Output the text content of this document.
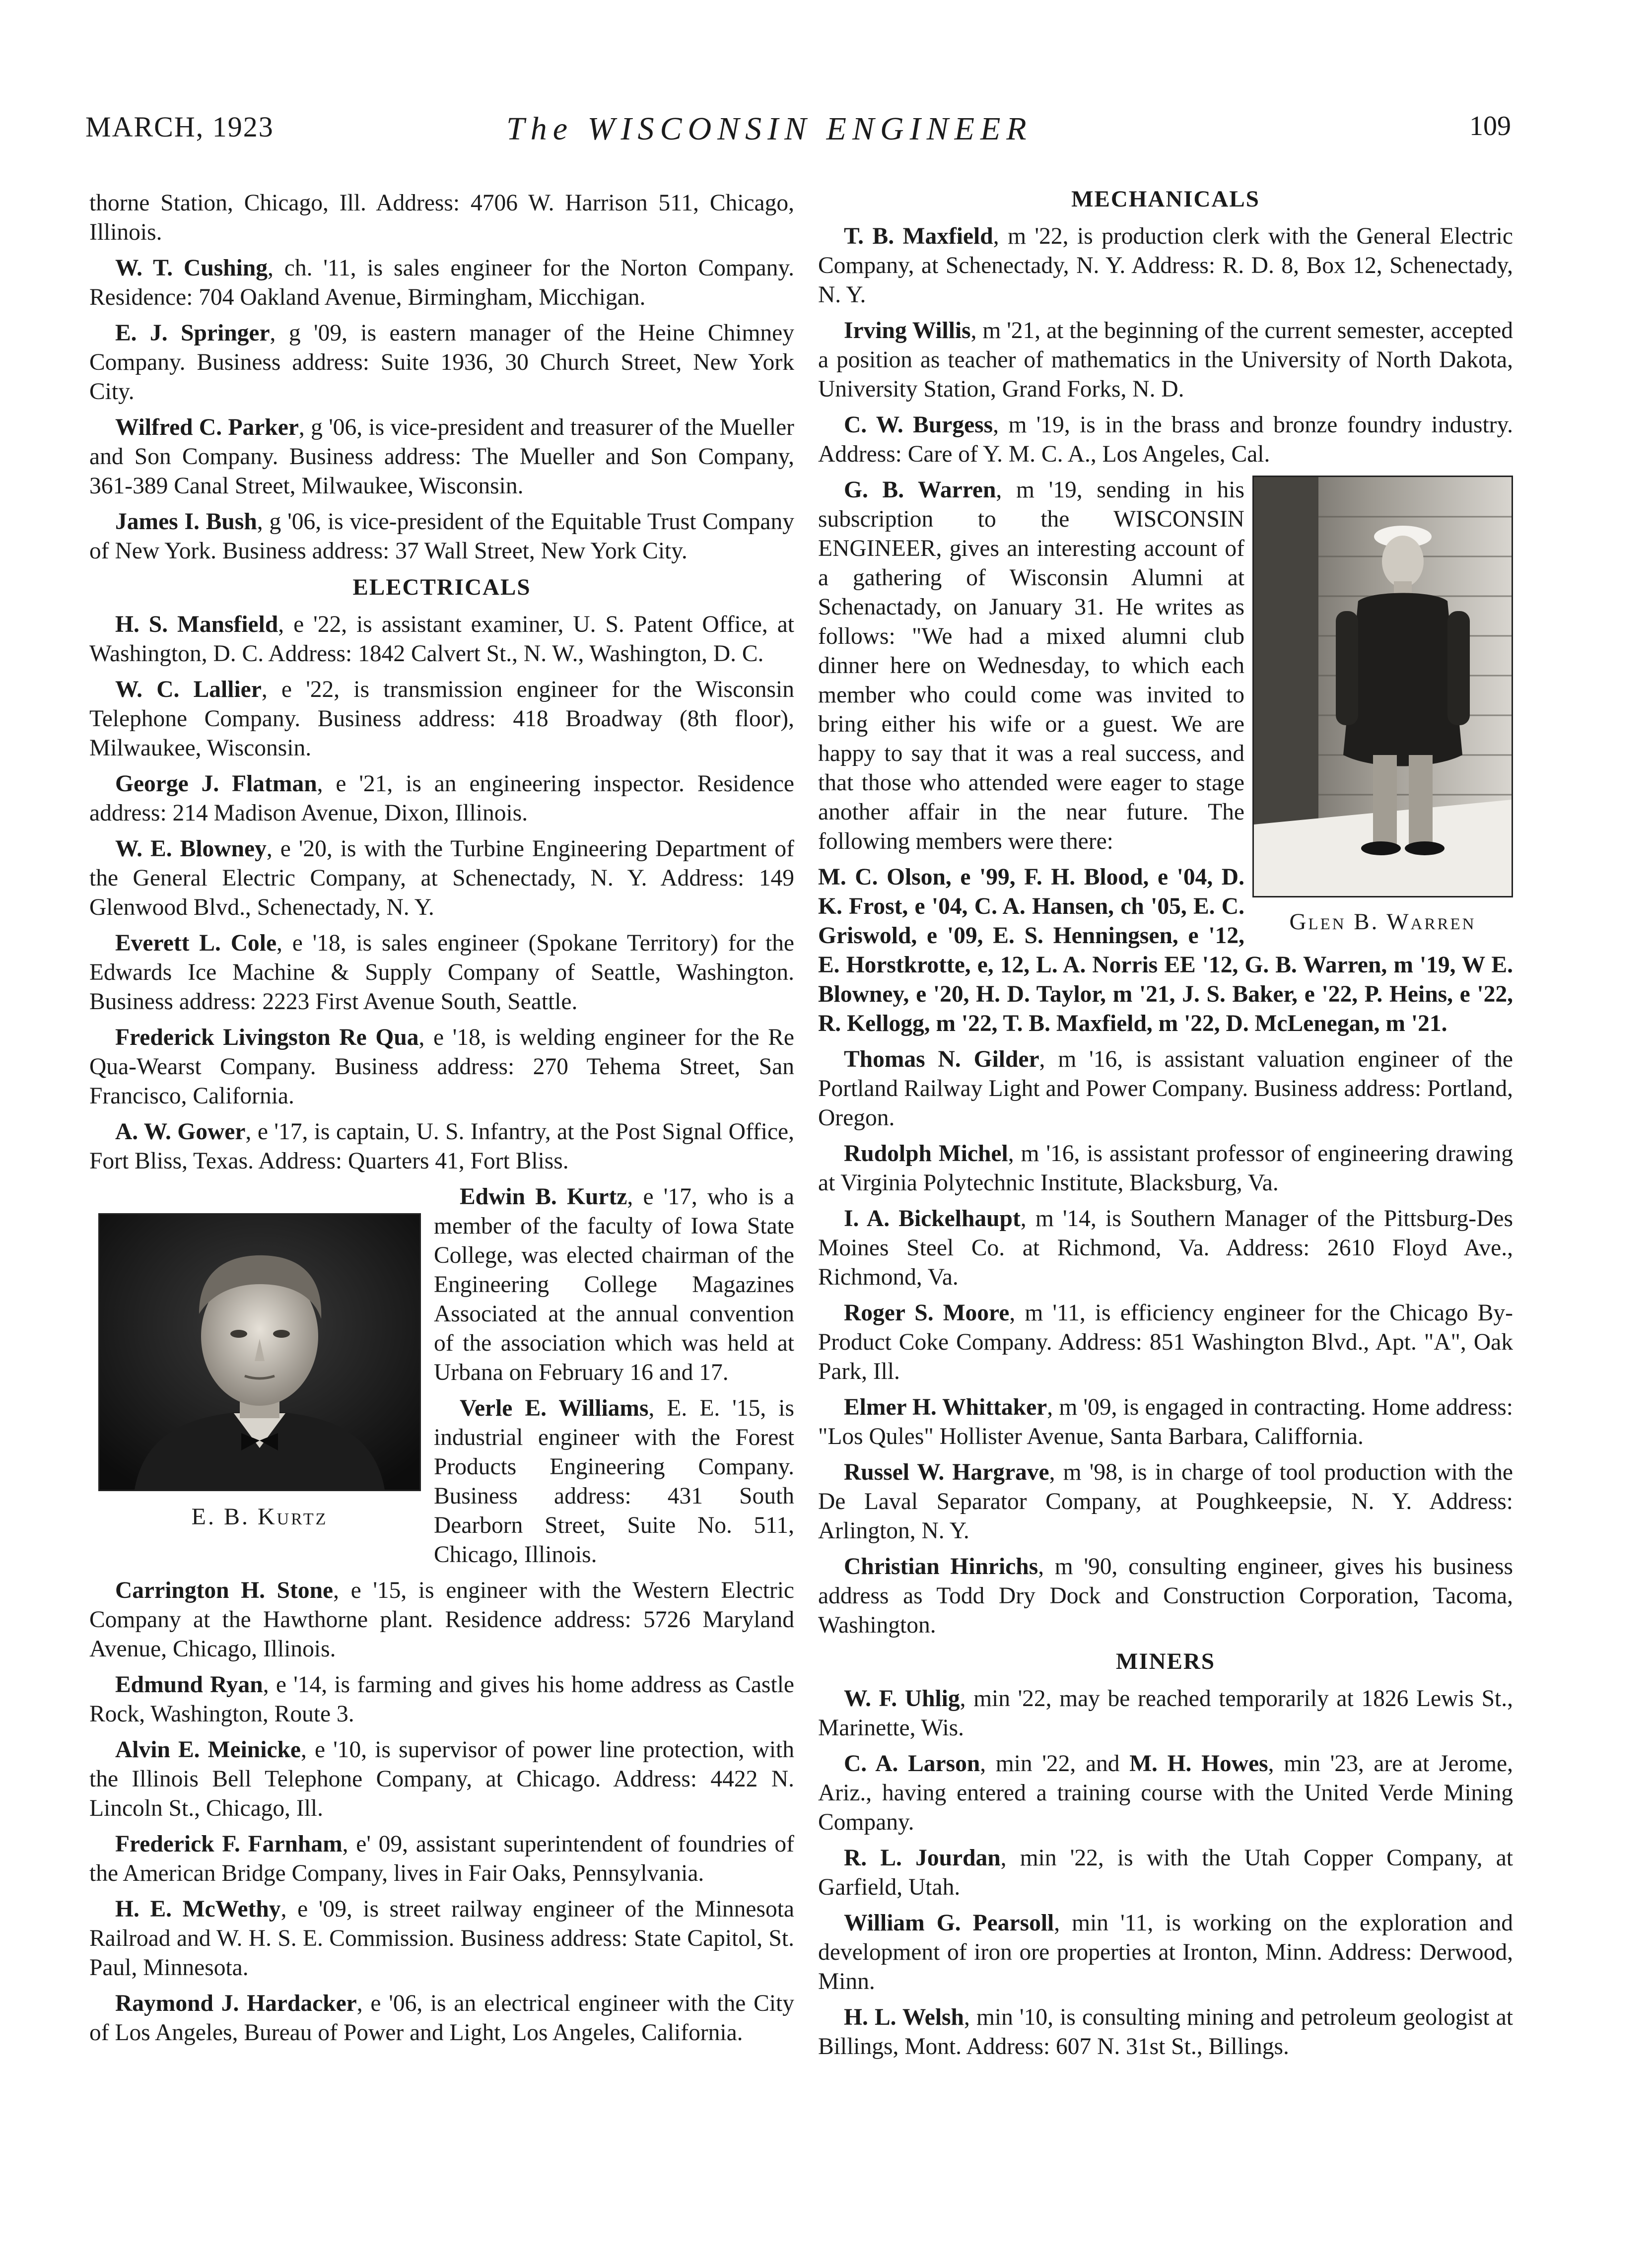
MARCH, 1923	The WISCONSIN ENGINEER	109

thorne Station, Chicago, Ill. Address: 4706 W. Harrison 511, Chicago, Illinois.

W. T. Cushing, ch. '11, is sales engineer for the Norton Company. Residence: 704 Oakland Avenue, Birmingham, Micchigan.

E. J. Springer, g '09, is eastern manager of the Heine Chimney Company. Business address: Suite 1936, 30 Church Street, New York City.

Wilfred C. Parker, g '06, is vice-president and treasurer of the Mueller and Son Company. Business address: The Mueller and Son Company, 361-389 Canal Street, Milwaukee, Wisconsin.

James I. Bush, g '06, is vice-president of the Equitable Trust Company of New York. Business address: 37 Wall Street, New York City.

ELECTRICALS

H. S. Mansfield, e '22, is assistant examiner, U. S. Patent Office, at Washington, D. C. Address: 1842 Calvert St., N. W., Washington, D. C.

W. C. Lallier, e '22, is transmission engineer for the Wisconsin Telephone Company. Business address: 418 Broadway (8th floor), Milwaukee, Wisconsin.

George J. Flatman, e '21, is an engineering inspector. Residence address: 214 Madison Avenue, Dixon, Illinois.

W. E. Blowney, e '20, is with the Turbine Engineering Department of the General Electric Company, at Schenectady, N. Y. Address: 149 Glenwood Blvd., Schenectady, N. Y.

Everett L. Cole, e '18, is sales engineer (Spokane Territory) for the Edwards Ice Machine & Supply Company of Seattle, Washington. Business address: 2223 First Avenue South, Seattle.

Frederick Livingston Re Qua, e '18, is welding engineer for the Re Qua-Wearst Company. Business address: 270 Tehema Street, San Francisco, California.

A. W. Gower, e '17, is captain, U. S. Infantry, at the Post Signal Office, Fort Bliss, Texas. Address: Quarters 41, Fort Bliss.

E. B. Kurtz

Edwin B. Kurtz, e '17, who is a member of the faculty of Iowa State College, was elected chairman of the Engineering College Magazines Associated at the annual convention of the association which was held at Urbana on February 16 and 17.

Verle E. Williams, E. E. '15, is industrial engineer with the Forest Products Engineering Company. Business address: 431 South Dearborn Street, Suite No. 511, Chicago, Illinois.

Carrington H. Stone, e '15, is engineer with the Western Electric Company at the Hawthorne plant. Residence address: 5726 Maryland Avenue, Chicago, Illinois.

Edmund Ryan, e '14, is farming and gives his home address as Castle Rock, Washington, Route 3.

Alvin E. Meinicke, e '10, is supervisor of power line protection, with the Illinois Bell Telephone Company, at Chicago. Address: 4422 N. Lincoln St., Chicago, Ill.

Frederick F. Farnham, e' 09, assistant superintendent of foundries of the American Bridge Company, lives in Fair Oaks, Pennsylvania.

H. E. McWethy, e '09, is street railway engineer of the Minnesota Railroad and W. H. S. E. Commission. Business address: State Capitol, St. Paul, Minnesota.

Raymond J. Hardacker, e '06, is an electrical engineer with the City of Los Angeles, Bureau of Power and Light, Los Angeles, California.

MECHANICALS

T. B. Maxfield, m '22, is production clerk with the General Electric Company, at Schenectady, N. Y. Address: R. D. 8, Box 12, Schenectady, N. Y.

Irving Willis, m '21, at the beginning of the current semester, accepted a position as teacher of mathematics in the University of North Dakota, University Station, Grand Forks, N. D.

C. W. Burgess, m '19, is in the brass and bronze foundry industry. Address: Care of Y. M. C. A., Los Angeles, Cal.

Glen B. Warren

G. B. Warren, m '19, sending in his subscription to the WISCONSIN ENGINEER, gives an interesting account of a gathering of Wisconsin Alumni at Schenactady, on January 31. He writes as follows: "We had a mixed alumni club dinner here on Wednesday, to which each member who could come was invited to bring either his wife or a guest. We are happy to say that it was a real success, and that those who attended were eager to stage another affair in the near future. The following members were there:

M. C. Olson, e '99, F. H. Blood, e '04, D. K. Frost, e '04, C. A. Hansen, ch '05, E. C. Griswold, e '09, E. S. Henningsen, e '12, E. Horstkrotte, e, 12, L. A. Norris EE '12, G. B. Warren, m '19, W E. Blowney, e '20, H. D. Taylor, m '21, J. S. Baker, e '22, P. Heins, e '22, R. Kellogg, m '22, T. B. Maxfield, m '22, D. McLenegan, m '21.

Thomas N. Gilder, m '16, is assistant valuation engineer of the Portland Railway Light and Power Company. Business address: Portland, Oregon.

Rudolph Michel, m '16, is assistant professor of engineering drawing at Virginia Polytechnic Institute, Blacksburg, Va.

I. A. Bickelhaupt, m '14, is Southern Manager of the Pittsburg-Des Moines Steel Co. at Richmond, Va. Address: 2610 Floyd Ave., Richmond, Va.

Roger S. Moore, m '11, is efficiency engineer for the Chicago By-Product Coke Company. Address: 851 Washington Blvd., Apt. "A", Oak Park, Ill.

Elmer H. Whittaker, m '09, is engaged in contracting. Home address: "Los Qules" Hollister Avenue, Santa Barbara, Califfornia.

Russel W. Hargrave, m '98, is in charge of tool production with the De Laval Separator Company, at Poughkeepsie, N. Y. Address: Arlington, N. Y.

Christian Hinrichs, m '90, consulting engineer, gives his business address as Todd Dry Dock and Construction Corporation, Tacoma, Washington.

MINERS

W. F. Uhlig, min '22, may be reached temporarily at 1826 Lewis St., Marinette, Wis.

C. A. Larson, min '22, and M. H. Howes, min '23, are at Jerome, Ariz., having entered a training course with the United Verde Mining Company.

R. L. Jourdan, min '22, is with the Utah Copper Company, at Garfield, Utah.

William G. Pearsoll, min '11, is working on the exploration and development of iron ore properties at Ironton, Minn. Address: Derwood, Minn.

H. L. Welsh, min '10, is consulting mining and petroleum geologist at Billings, Mont. Address: 607 N. 31st St., Billings.
